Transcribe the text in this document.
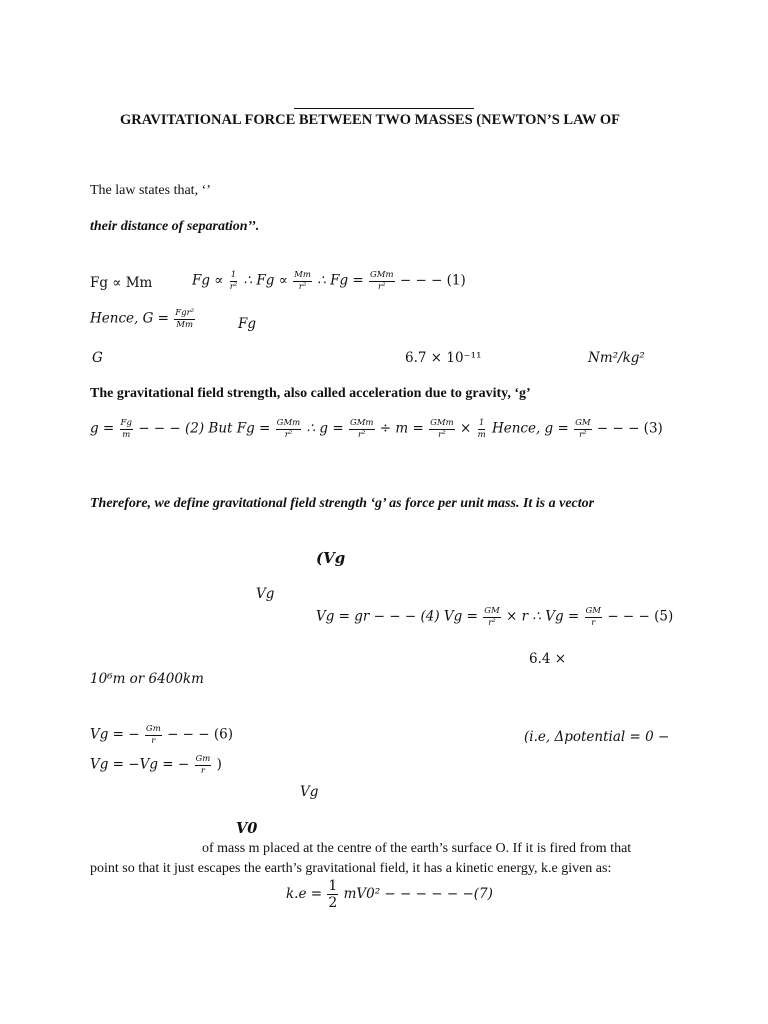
GRAVITATIONAL FORCE BETWEEN TWO MASSES (NEWTON’S LAW OF
The law states that, ‘’
their distance of separation’’.
Fg ∝ Mm	$Fg \propto \frac{1}{\text{r²}}$ ∴ $Fg \propto \frac{Mm}{\text{r²}}$ ∴ $Fg = \frac{\text{GMm}}{\text{r²}}$ − − − (1)
Hence, $G = \frac{\text{Fgr²}}{Mm}$	Fg
G	6.7 × 10⁻¹¹	Nm²/kg²
The gravitational field strength, also called acceleration due to gravity, ‘g’
$g = \frac{Fg}{m}$ − − − (2) But $Fg = \frac{\text{GMm}}{\text{r²}}$ ∴ $g = \frac{\text{GMm}}{\text{r²}} \div m = \frac{\text{GMm}}{\text{r²}} \times \frac{1}{m}$ Hence, $g = \frac{GM}{\text{r²}}$ − − − (3)
Therefore, we define gravitational field strength ‘g’ as force per unit mass. It is a vector
(Vg
Vg
Vg = gr − − − (4) $Vg = \frac{GM}{\text{r²}} \times r$ ∴ $Vg = \frac{GM}{r}$ − − − (5)
6.4 ×
10⁶m or 6400km
Vg = − $\frac{Gm}{r}$ − − − (6)	(i.e, Δpotential = 0 −
Vg = −Vg = − $\frac{Gm}{r}$ )
Vg
V0
of mass m placed at the centre of the earth’s surface O. If it is fired from that
point so that it just escapes the earth’s gravitational field, it has a kinetic energy, k.e given as:
$k.e = \frac{1}{2} mV0^2$ − − − − − −(7)
